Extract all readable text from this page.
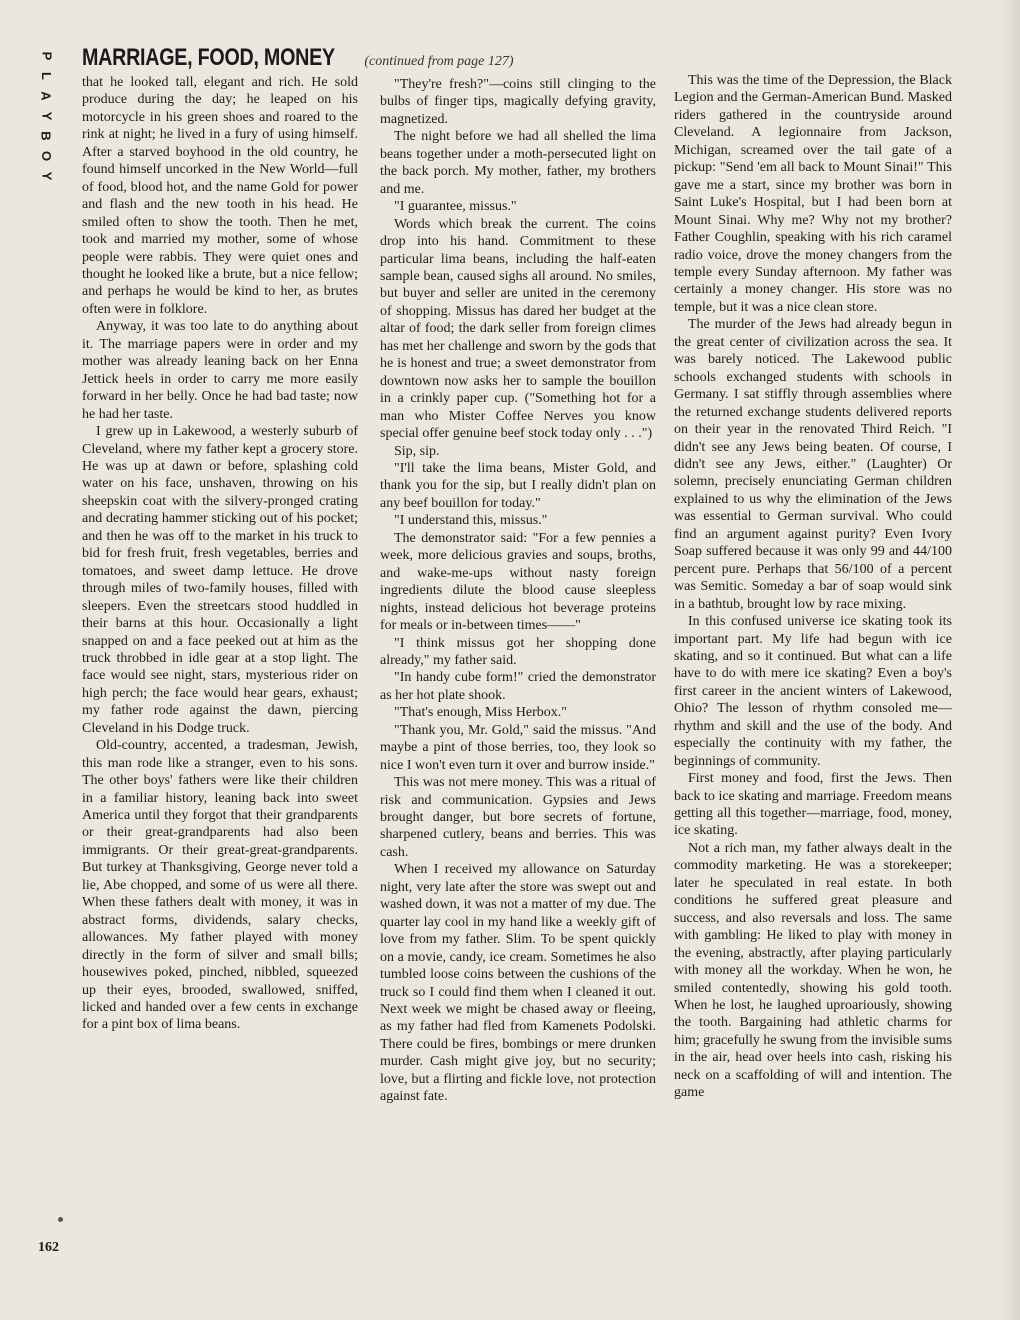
P
L
A
Y
B
O
Y
MARRIAGE, FOOD, MONEY (continued from page 127)

that he looked tall, elegant and rich. He sold produce during the day; he leaped on his motorcycle in his green shoes and roared to the rink at night; he lived in a fury of using himself. After a starved boyhood in the old country, he found himself uncorked in the New World—full of food, blood hot, and the name Gold for power and flash and the new tooth in his head. He smiled often to show the tooth. Then he met, took and married my mother, some of whose people were rabbis. They were quiet ones and thought he looked like a brute, but a nice fellow; and perhaps he would be kind to her, as brutes often were in folklore.

Anyway, it was too late to do anything about it. The marriage papers were in order and my mother was already leaning back on her Enna Jettick heels in order to carry me more easily forward in her belly. Once he had bad taste; now he had her taste.

I grew up in Lakewood, a westerly suburb of Cleveland, where my father kept a grocery store. He was up at dawn or before, splashing cold water on his face, unshaven, throwing on his sheepskin coat with the silvery-pronged crating and decrating hammer sticking out of his pocket; and then he was off to the market in his truck to bid for fresh fruit, fresh vegetables, berries and tomatoes, and sweet damp lettuce. He drove through miles of two-family houses, filled with sleepers. Even the streetcars stood huddled in their barns at this hour. Occasionally a light snapped on and a face peeked out at him as the truck throbbed in idle gear at a stop light. The face would see night, stars, mysterious rider on high perch; the face would hear gears, exhaust; my father rode against the dawn, piercing Cleveland in his Dodge truck.

Old-country, accented, a tradesman, Jewish, this man rode like a stranger, even to his sons. The other boys' fathers were like their children in a familiar history, leaning back into sweet America until they forgot that their grandparents or their great-grandparents had also been immigrants. Or their great-great-grandparents. But turkey at Thanksgiving, George never told a lie, Abe chopped, and some of us were all there. When these fathers dealt with money, it was in abstract forms, dividends, salary checks, allowances. My father played with money directly in the form of silver and small bills; housewives poked, pinched, nibbled, squeezed up their eyes, brooded, swallowed, sniffed, licked and handed over a few cents in exchange for a pint box of lima beans.

"They're fresh?"—coins still clinging to the bulbs of finger tips, magically defying gravity, magnetized.

The night before we had all shelled the lima beans together under a moth-persecuted light on the back porch. My mother, father, my brothers and me.

"I guarantee, missus."

Words which break the current. The coins drop into his hand. Commitment to these particular lima beans, including the half-eaten sample bean, caused sighs all around. No smiles, but buyer and seller are united in the ceremony of shopping. Missus has dared her budget at the altar of food; the dark seller from foreign climes has met her challenge and sworn by the gods that he is honest and true; a sweet demonstrator from downtown now asks her to sample the bouillon in a crinkly paper cup. ("Something hot for a man who Mister Coffee Nerves you know special offer genuine beef stock today only . . .")

Sip, sip.

"I'll take the lima beans, Mister Gold, and thank you for the sip, but I really didn't plan on any beef bouillon for today."

"I understand this, missus."

The demonstrator said: "For a few pennies a week, more delicious gravies and soups, broths, and wake-me-ups without nasty foreign ingredients dilute the blood cause sleepless nights, instead delicious hot beverage proteins for meals or in-between times——"

"I think missus got her shopping done already," my father said.

"In handy cube form!" cried the demonstrator as her hot plate shook.

"That's enough, Miss Herbox."

"Thank you, Mr. Gold," said the missus. "And maybe a pint of those berries, too, they look so nice I won't even turn it over and burrow inside."

This was not mere money. This was a ritual of risk and communication. Gypsies and Jews brought danger, but bore secrets of fortune, sharpened cutlery, beans and berries. This was cash.

When I received my allowance on Saturday night, very late after the store was swept out and washed down, it was not a matter of my due. The quarter lay cool in my hand like a weekly gift of love from my father. Slim. To be spent quickly on a movie, candy, ice cream. Sometimes he also tumbled loose coins between the cushions of the truck so I could find them when I cleaned it out. Next week we might be chased away or fleeing, as my father had fled from Kamenets Podolski. There could be fires, bombings or mere drunken murder. Cash might give joy, but no security; love, but a flirting and fickle love, not protection against fate.

This was the time of the Depression, the Black Legion and the German-American Bund. Masked riders gathered in the countryside around Cleveland. A legionnaire from Jackson, Michigan, screamed over the tail gate of a pickup: "Send 'em all back to Mount Sinai!" This gave me a start, since my brother was born in Saint Luke's Hospital, but I had been born at Mount Sinai. Why me? Why not my brother? Father Coughlin, speaking with his rich caramel radio voice, drove the money changers from the temple every Sunday afternoon. My father was certainly a money changer. His store was no temple, but it was a nice clean store.

The murder of the Jews had already begun in the great center of civilization across the sea. It was barely noticed. The Lakewood public schools exchanged students with schools in Germany. I sat stiffly through assemblies where the returned exchange students delivered reports on their year in the renovated Third Reich. "I didn't see any Jews being beaten. Of course, I didn't see any Jews, either." (Laughter) Or solemn, precisely enunciating German children explained to us why the elimination of the Jews was essential to German survival. Who could find an argument against purity? Even Ivory Soap suffered because it was only 99 and 44/100 percent pure. Perhaps that 56/100 of a percent was Semitic. Someday a bar of soap would sink in a bathtub, brought low by race mixing.

In this confused universe ice skating took its important part. My life had begun with ice skating, and so it continued. But what can a life have to do with mere ice skating? Even a boy's first career in the ancient winters of Lakewood, Ohio? The lesson of rhythm consoled me—rhythm and skill and the use of the body. And especially the continuity with my father, the beginnings of community.

First money and food, first the Jews. Then back to ice skating and marriage. Freedom means getting all this together—marriage, food, money, ice skating.

Not a rich man, my father always dealt in the commodity marketing. He was a storekeeper; later he speculated in real estate. In both conditions he suffered great pleasure and success, and also reversals and loss. The same with gambling: He liked to play with money in the evening, abstractly, after playing particularly with money all the workday. When he won, he smiled contentedly, showing his gold tooth. When he lost, he laughed uproariously, showing the tooth. Bargaining had athletic charms for him; gracefully he swung from the invisible sums in the air, head over heels into cash, risking his neck on a scaffolding of will and intention. The game

162
